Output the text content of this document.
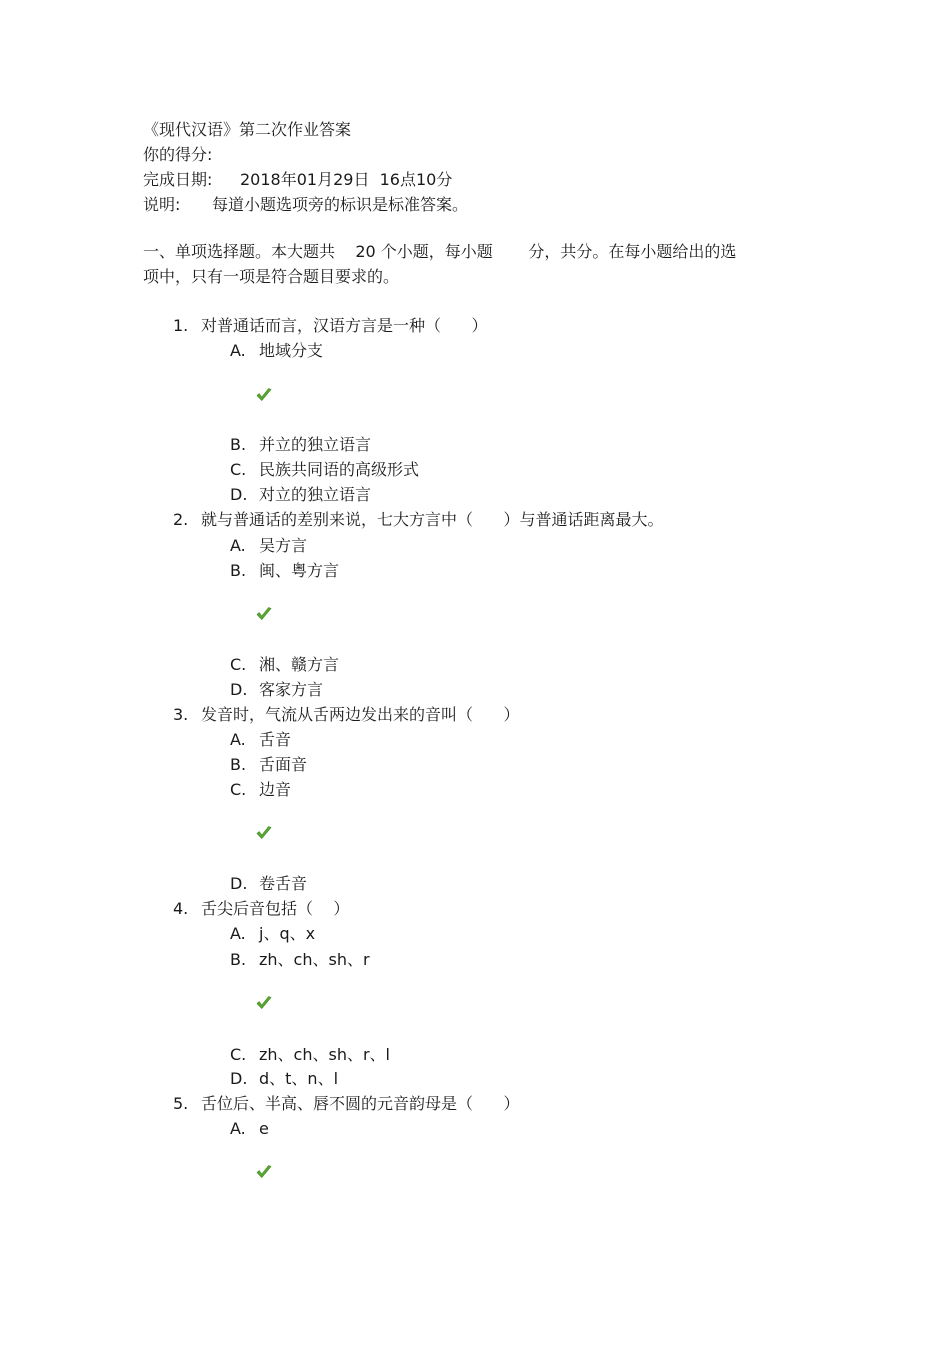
《现代汉语》第二次作业答案
你的得分:
完成日期: 2018年01月29日  16点10分
说明: 每道小题选项旁的标识是标准答案。
一、单项选择题。本大题共    20 个小题，每小题       分，共分。在每小题给出的选
项中，只有一项是符合题目要求的。
1. 对普通话而言，汉语方言是一种（      ）
A. 地域分支
B. 并立的独立语言
C. 民族共同语的高级形式
D. 对立的独立语言
2. 就与普通话的差别来说，七大方言中（      ）与普通话距离最大。
A. 吴方言
B. 闽、粤方言
C. 湘、赣方言
D. 客家方言
3. 发音时，气流从舌两边发出来的音叫（      ）
A. 舌音
B. 舌面音
C. 边音
D. 卷舌音
4. 舌尖后音包括（    ）
A. j、q、x
B. zh、ch、sh、r
C. zh、ch、sh、r、l
D. d、t、n、l
5. 舌位后、半高、唇不圆的元音韵母是（      ）
A. e
